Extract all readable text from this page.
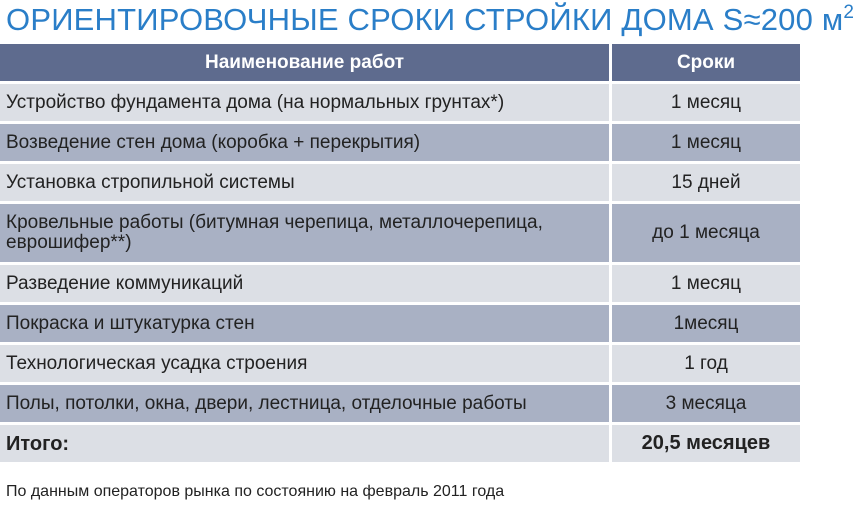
ОРИЕНТИРОВОЧНЫЕ СРОКИ СТРОЙКИ ДОМА S≈200 $м^2$
Наименование работ	Сроки
Устройство фундамента дома (на нормальных грунтах*)	1 месяц
Возведение стен дома (коробка + перекрытия)	1 месяц
Установка стропильной системы	15 дней
Кровельные работы (битумная черепица, металлочерепица, еврошифер**)	до 1 месяца
Разведение коммуникаций	1 месяц
Покраска и штукатурка стен	1месяц
Технологическая усадка строения	1 год
Полы, потолки, окна, двери, лестница, отделочные работы	3 месяца
Итого:	20,5 месяцев
По данным операторов рынка по состоянию на февраль 2011 года
